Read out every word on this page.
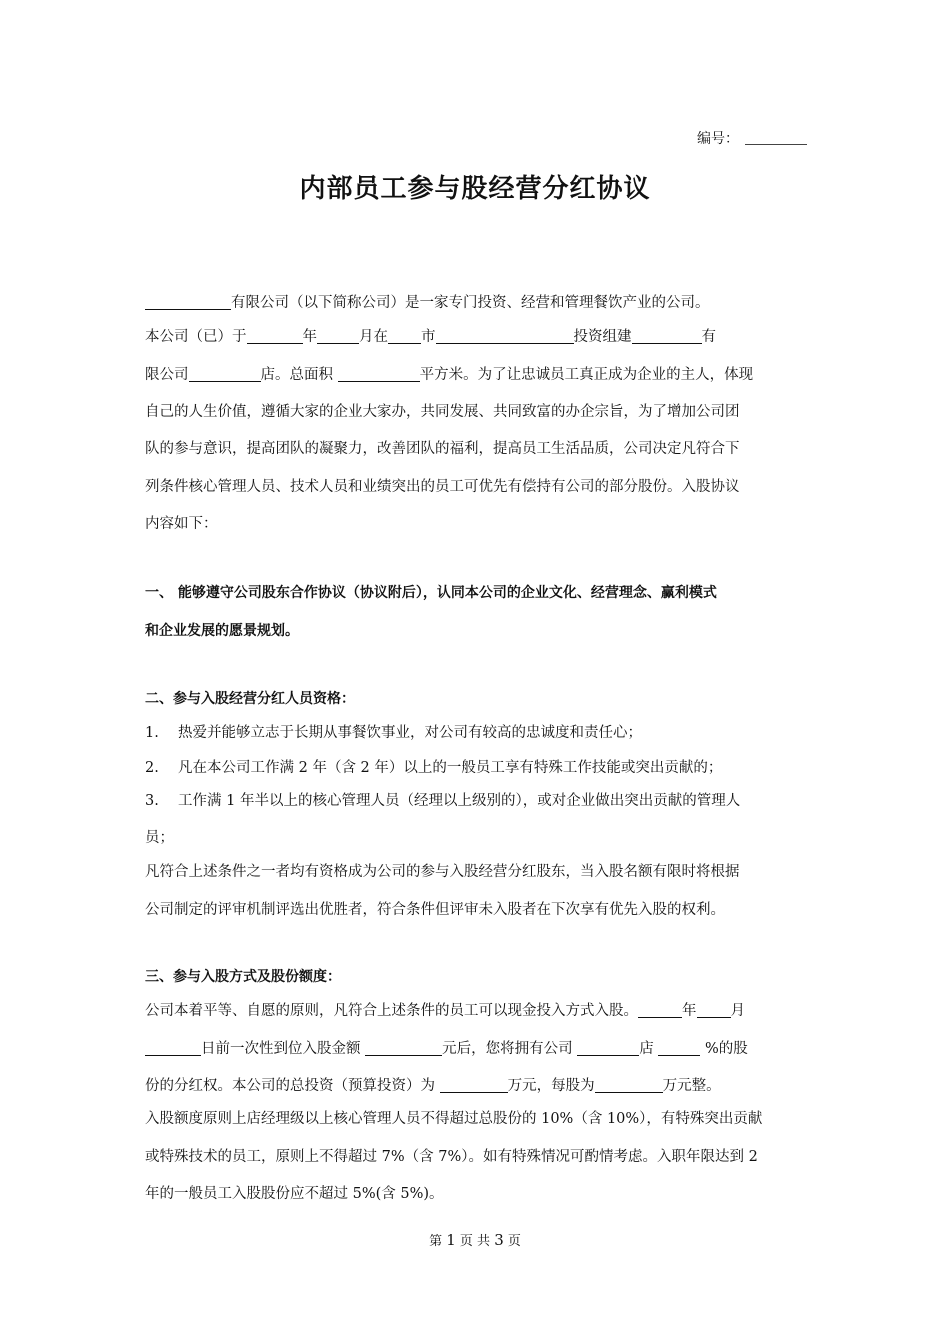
编号：
内部员工参与股经营分红协议
有限公司（以下简称公司）是一家专门投资、经营和管理餐饮产业的公司。
本公司（已）于	年	月在 市	投资组建	有
限公司	店。总面积	平方米。为了让忠诚员工真正成为企业的主人，体现
自己的人生价值，遵循大家的企业大家办，共同发展、共同致富的办企宗旨，为了增加公司团
队的参与意识，提高团队的凝聚力，改善团队的福利，提高员工生活品质，公司决定凡符合下
列条件核心管理人员、技术人员和业绩突出的员工可优先有偿持有公司的部分股份。入股协议
内容如下：
一、 能够遵守公司股东合作协议（协议附后），认同本公司的企业文化、经营理念、赢利模式
和企业发展的愿景规划。
二、参与入股经营分红人员资格：
1. 热爱并能够立志于长期从事餐饮事业，对公司有较高的忠诚度和责任心；
2. 凡在本公司工作满 2 年（含 2 年）以上的一般员工享有特殊工作技能或突出贡献的；
3. 工作满 1 年半以上的核心管理人员（经理以上级别的），或对企业做出突出贡献的管理人
员；
凡符合上述条件之一者均有资格成为公司的参与入股经营分红股东，当入股名额有限时将根据
公司制定的评审机制评选出优胜者，符合条件但评审未入股者在下次享有优先入股的权利。
三、参与入股方式及股份额度：
公司本着平等、自愿的原则，凡符合上述条件的员工可以现金投入方式入股。	年 月
日前一次性到位入股金额	元后，您将拥有公司	店	%的股
份的分红权。本公司的总投资（预算投资）为	万元，每股为	万元整。
入股额度原则上店经理级以上核心管理人员不得超过总股份的 10%（含 10%），有特殊突出贡献
或特殊技术的员工，原则上不得超过 7%（含 7%）。如有特殊情况可酌情考虑。入职年限达到 2
年的一般员工入股股份应不超过 5%(含 5%)。
第 1 页 共 3 页
